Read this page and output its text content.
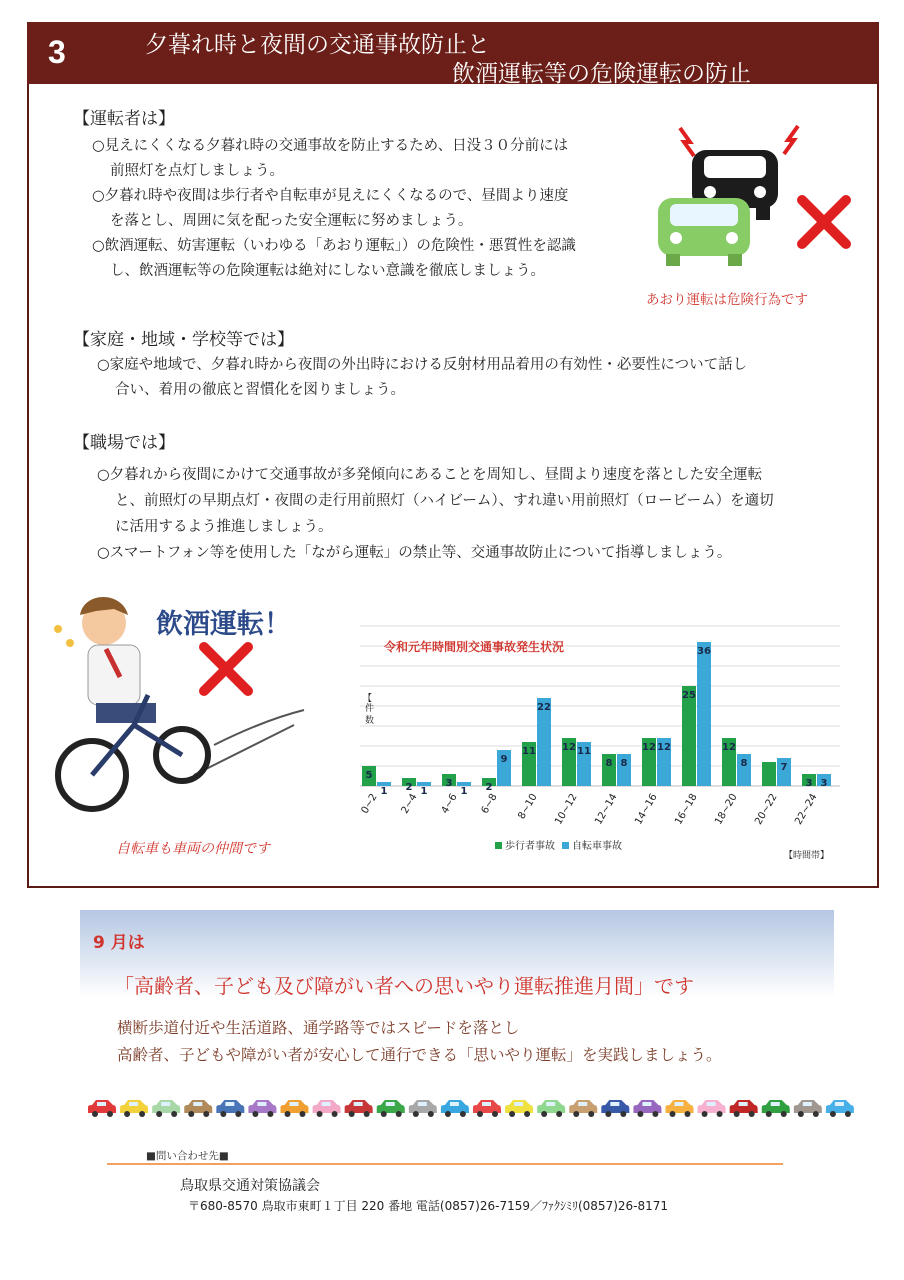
3	夕暮れ時と夜間の交通事故防止と
飲酒運転等の危険運転の防止
【運転者は】
○見えにくくなる夕暮れ時の交通事故を防止するため、日没３０分前には
前照灯を点灯しましょう。
○夕暮れ時や夜間は歩行者や自転車が見えにくくなるので、昼間より速度
を落とし、周囲に気を配った安全運転に努めましょう。
○飲酒運転、妨害運転（いわゆる「あおり運転」）の危険性・悪質性を認識
し、飲酒運転等の危険運転は絶対にしない意識を徹底しましょう。
あおり運転は危険行為です
【家庭・地域・学校等では】
○家庭や地域で、夕暮れ時から夜間の外出時における反射材用品着用の有効性・必要性について話し
合い、着用の徹底と習慣化を図りましょう。
【職場では】
○夕暮れから夜間にかけて交通事故が多発傾向にあることを周知し、昼間より速度を落とした安全運転
と、前照灯の早期点灯・夜間の走行用前照灯（ハイビーム）、すれ違い用前照灯（ロービーム）を適切
に活用するよう推進しましょう。
○スマートフォン等を使用した「ながら運転」の禁止等、交通事故防止について指導しましょう。
飲酒運転！
自転車も車両の仲間です
令和元年時間別交通事故発生状況
【
件数
5
1 2 1
3
1 2
9
11
22
12 11
8 8
12 12
25
36
12
8	7
3 3
0~2 2~4 4~6 6~8 8~10 10~12 12~14 14~16 16~18 18~20 20~22 22~24
歩行者事故 自転車事故
【時間帯】
9 月は
「高齢者、子ども及び障がい者への思いやり運転推進月間」です
横断歩道付近や生活道路、通学路等ではスピードを落とし
高齢者、子どもや障がい者が安心して通行できる「思いやり運転」を実践しましょう。
■問い合わせ先■
鳥取県交通対策協議会
〒680-8570 鳥取市東町１丁目 220 番地 電話(0857)26-7159／ﾌｧｸｼﾐﾘ(0857)26-8171
